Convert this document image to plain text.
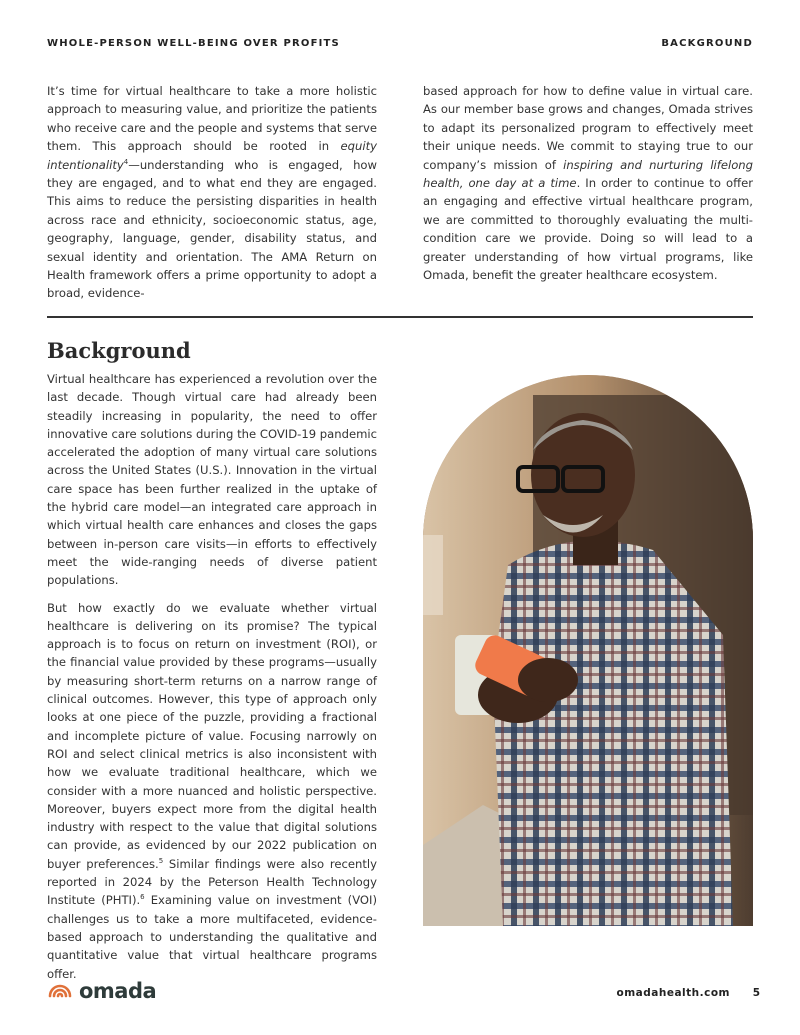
WHOLE-PERSON WELL-BEING OVER PROFITS	BACKGROUND
It’s time for virtual healthcare to take a more holistic approach to measuring value, and prioritize the patients who receive care and the people and systems that serve them. This approach should be rooted in equity intentionality$^4$—understanding who is engaged, how they are engaged, and to what end they are engaged. This aims to reduce the persisting disparities in health across race and ethnicity, socioeconomic status, age, geography, language, gender, disability status, and sexual identity and orientation. The AMA Return on Health framework offers a prime opportunity to adopt a broad, evidence-
based approach for how to define value in virtual care. As our member base grows and changes, Omada strives to adapt its personalized program to effectively meet their unique needs. We commit to staying true to our company’s mission of inspiring and nurturing lifelong health, one day at a time. In order to continue to offer an engaging and effective virtual healthcare program, we are committed to thoroughly evaluating the multi-condition care we provide. Doing so will lead to a greater understanding of how virtual programs, like Omada, benefit the greater healthcare ecosystem.
Background

Virtual healthcare has experienced a revolution over the last decade. Though virtual care had already been steadily increasing in popularity, the need to offer innovative care solutions during the COVID-19 pandemic accelerated the adoption of many virtual care solutions across the United States (U.S.). Innovation in the virtual care space has been further realized in the uptake of the hybrid care model—an integrated care approach in which virtual health care enhances and closes the gaps between in-person care visits—in efforts to effectively meet the wide-ranging needs of diverse patient populations.

But how exactly do we evaluate whether virtual healthcare is delivering on its promise? The typical approach is to focus on return on investment (ROI), or the financial value provided by these programs—usually by measuring short-term returns on a narrow range of clinical outcomes. However, this type of approach only looks at one piece of the puzzle, providing a fractional and incomplete picture of value. Focusing narrowly on ROI and select clinical metrics is also inconsistent with how we evaluate traditional healthcare, which we consider with a more nuanced and holistic perspective. Moreover, buyers expect more from the digital health industry with respect to the value that digital solutions can provide, as evidenced by our 2022 publication on buyer preferences.$^5$ Similar findings were also recently reported in 2024 by the Peterson Health Technology Institute (PHTI).$^6$ Examining value on investment (VOI) challenges us to take a more multifaceted, evidence-based approach to understanding the qualitative and quantitative value that virtual healthcare programs offer.

omada	omadahealth.com 5
